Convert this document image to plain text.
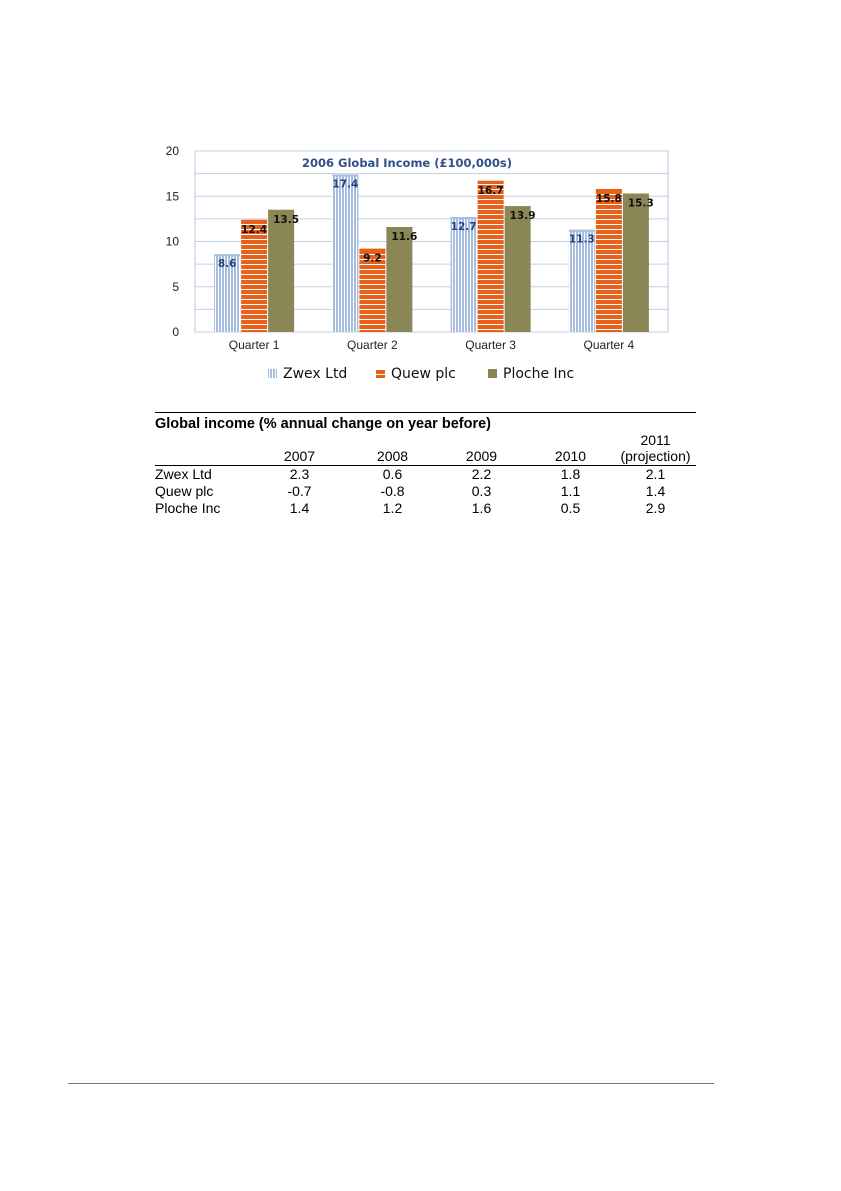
0
5
10
15
20
8.6
12.4
13.5
17.4
9.2
11.6
12.7
16.7
13.9
11.3
15.8 15.3
Quarter 1	Quarter 2	Quarter 3	Quarter 4
2006 Global Income (£100,000s)
Zwex Ltd	Quew plc	Ploche Inc
Global income (% annual change on year before)					

	2007	2008	2009	2010	2011
(projection)

Zwex Ltd	2.3	0.6	2.2	1.8	2.1
Quew plc	-0.7	-0.8	0.3	1.1	1.4
Ploche Inc	1.4	1.2	1.6	0.5	2.9
